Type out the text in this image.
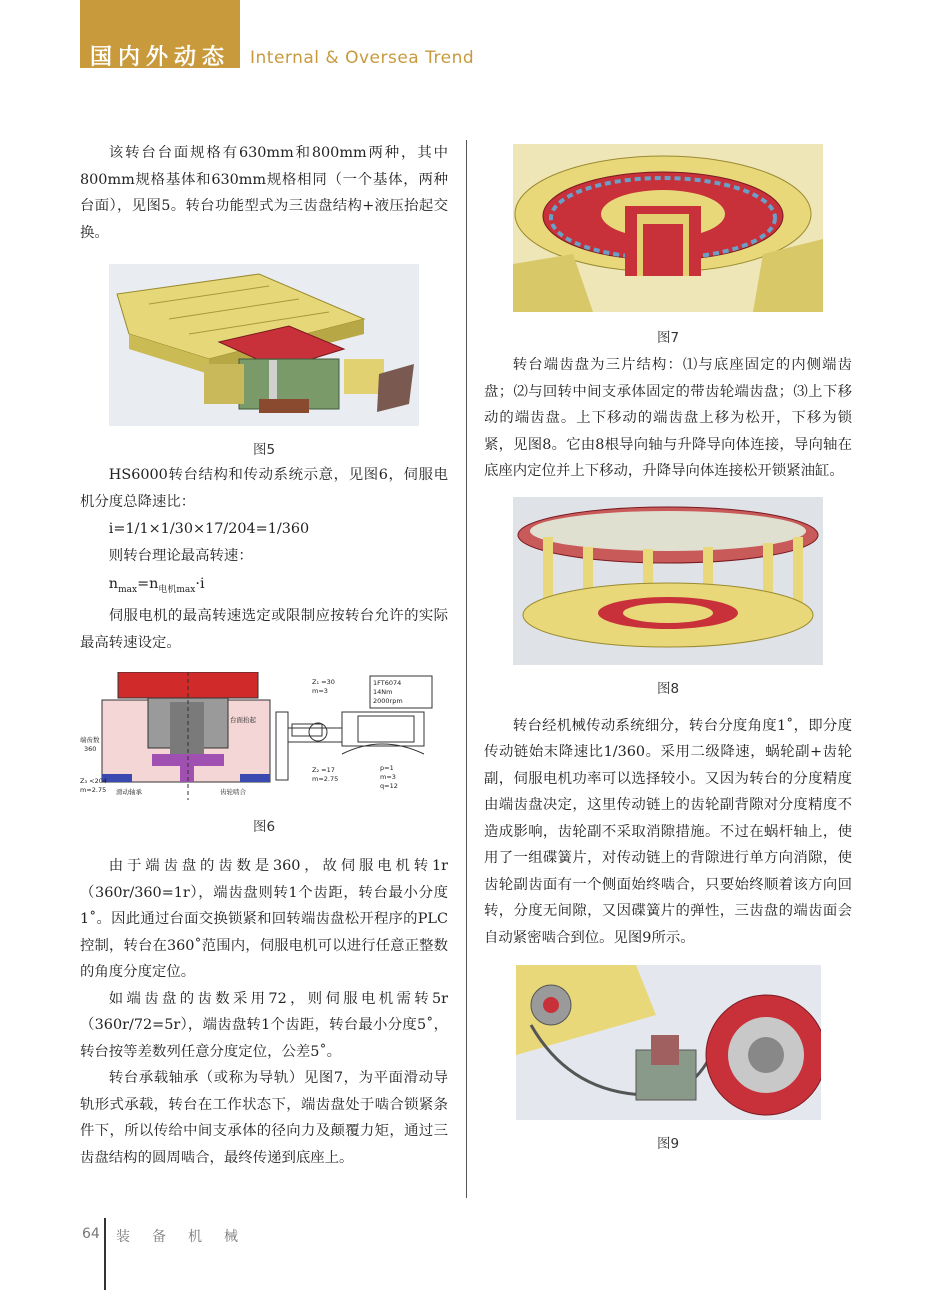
国内外动态 Internal & Oversea Trend

该转台台面规格有630mm和800mm两种，其中800mm规格基体和630mm规格相同（一个基体，两种台面），见图5。转台功能型式为三齿盘结构+液压抬起交换。

图5

HS6000转台结构和传动系统示意，见图6，伺服电机分度总降速比：

i=1/1×1/30×17/204=1/360

则转台理论最高转速：

$n_{max}=n_{电机max}\cdot i$

伺服电机的最高转速选定或限制应按转台允许的实际最高转速设定。

1FT6074
14Nm
2000rpm
Z₁ =30
m=3
Z₂ =17
m=2.75
Z₃ <204
m=2.75
p=1
m=3
q=12
端齿数
360
台面抬起
滑动轴承	齿轮啮合
图6

由于端齿盘的齿数是360，故伺服电机转1r（360r/360=1r），端齿盘则转1个齿距，转台最小分度1˚。因此通过台面交换锁紧和回转端齿盘松开程序的PLC控制，转台在360˚范围内，伺服电机可以进行任意正整数的角度分度定位。

如端齿盘的齿数采用72，则伺服电机需转5r（360r/72=5r），端齿盘转1个齿距，转台最小分度5˚，转台按等差数列任意分度定位，公差5˚。

转台承载轴承（或称为导轨）见图7，为平面滑动导轨形式承载，转台在工作状态下，端齿盘处于啮合锁紧条件下，所以传给中间支承体的径向力及颠覆力矩，通过三齿盘结构的圆周啮合，最终传递到底座上。

图7

转台端齿盘为三片结构：⑴与底座固定的内侧端齿盘；⑵与回转中间支承体固定的带齿轮端齿盘；⑶上下移动的端齿盘。上下移动的端齿盘上移为松开，下移为锁紧，见图8。它由8根导向轴与升降导向体连接，导向轴在底座内定位并上下移动，升降导向体连接松开锁紧油缸。

图8

转台经机械传动系统细分，转台分度角度1˚，即分度传动链始末降速比1/360。采用二级降速，蜗轮副+齿轮副，伺服电机功率可以选择较小。又因为转台的分度精度由端齿盘决定，这里传动链上的齿轮副背隙对分度精度不造成影响，齿轮副不采取消隙措施。不过在蜗杆轴上，使用了一组碟簧片，对传动链上的背隙进行单方向消隙，使齿轮副齿面有一个侧面始终啮合，只要始终顺着该方向回转，分度无间隙，又因碟簧片的弹性，三齿盘的端齿面会自动紧密啮合到位。见图9所示。

图9
64 装备机械
